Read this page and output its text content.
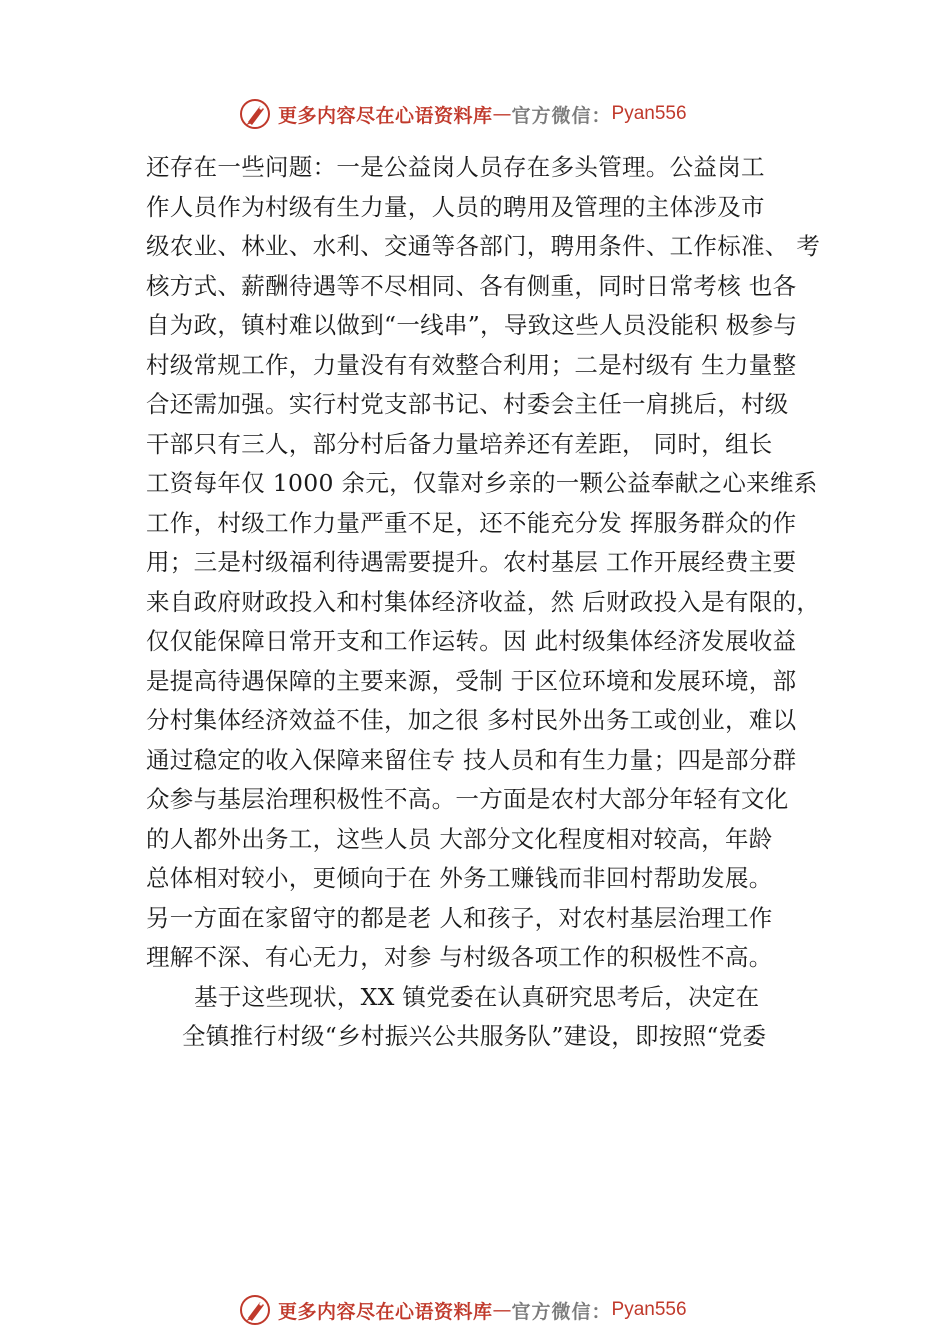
更多内容尽在心语资料库 — 官方微信： Pyan556
还存在一些问题：一是公益岗人员存在多头管理。公益岗工
作人员作为村级有生力量，人员的聘用及管理的主体涉及市
级农业、林业、水利、交通等各部门，聘用条件、工作标准、 考
核方式、薪酬待遇等不尽相同、各有侧重，同时日常考核 也各
自为政，镇村难以做到“一线串”，导致这些人员没能积 极参与
村级常规工作，力量没有有效整合利用；二是村级有 生力量整
合还需加强。实行村党支部书记、村委会主任一肩挑后，村级
干部只有三人，部分村后备力量培养还有差距， 同时，组长
工资每年仅 1000 余元，仅靠对乡亲的一颗公益奉献之心来维系
工作，村级工作力量严重不足，还不能充分发 挥服务群众的作
用；三是村级福利待遇需要提升。农村基层 工作开展经费主要
来自政府财政投入和村集体经济收益，然 后财政投入是有限的，
仅仅能保障日常开支和工作运转。因 此村级集体经济发展收益
是提高待遇保障的主要来源，受制 于区位环境和发展环境，部
分村集体经济效益不佳，加之很 多村民外出务工或创业，难以
通过稳定的收入保障来留住专 技人员和有生力量；四是部分群
众参与基层治理积极性不高。一方面是农村大部分年轻有文化
的人都外出务工，这些人员 大部分文化程度相对较高，年龄
总体相对较小，更倾向于在 外务工赚钱而非回村帮助发展。
另一方面在家留守的都是老 人和孩子，对农村基层治理工作
理解不深、有心无力，对参 与村级各项工作的积极性不高。
基于这些现状，XX 镇党委在认真研究思考后，决定在
全镇推行村级“乡村振兴公共服务队”建设，即按照“党委
更多内容尽在心语资料库 — 官方微信： Pyan556
